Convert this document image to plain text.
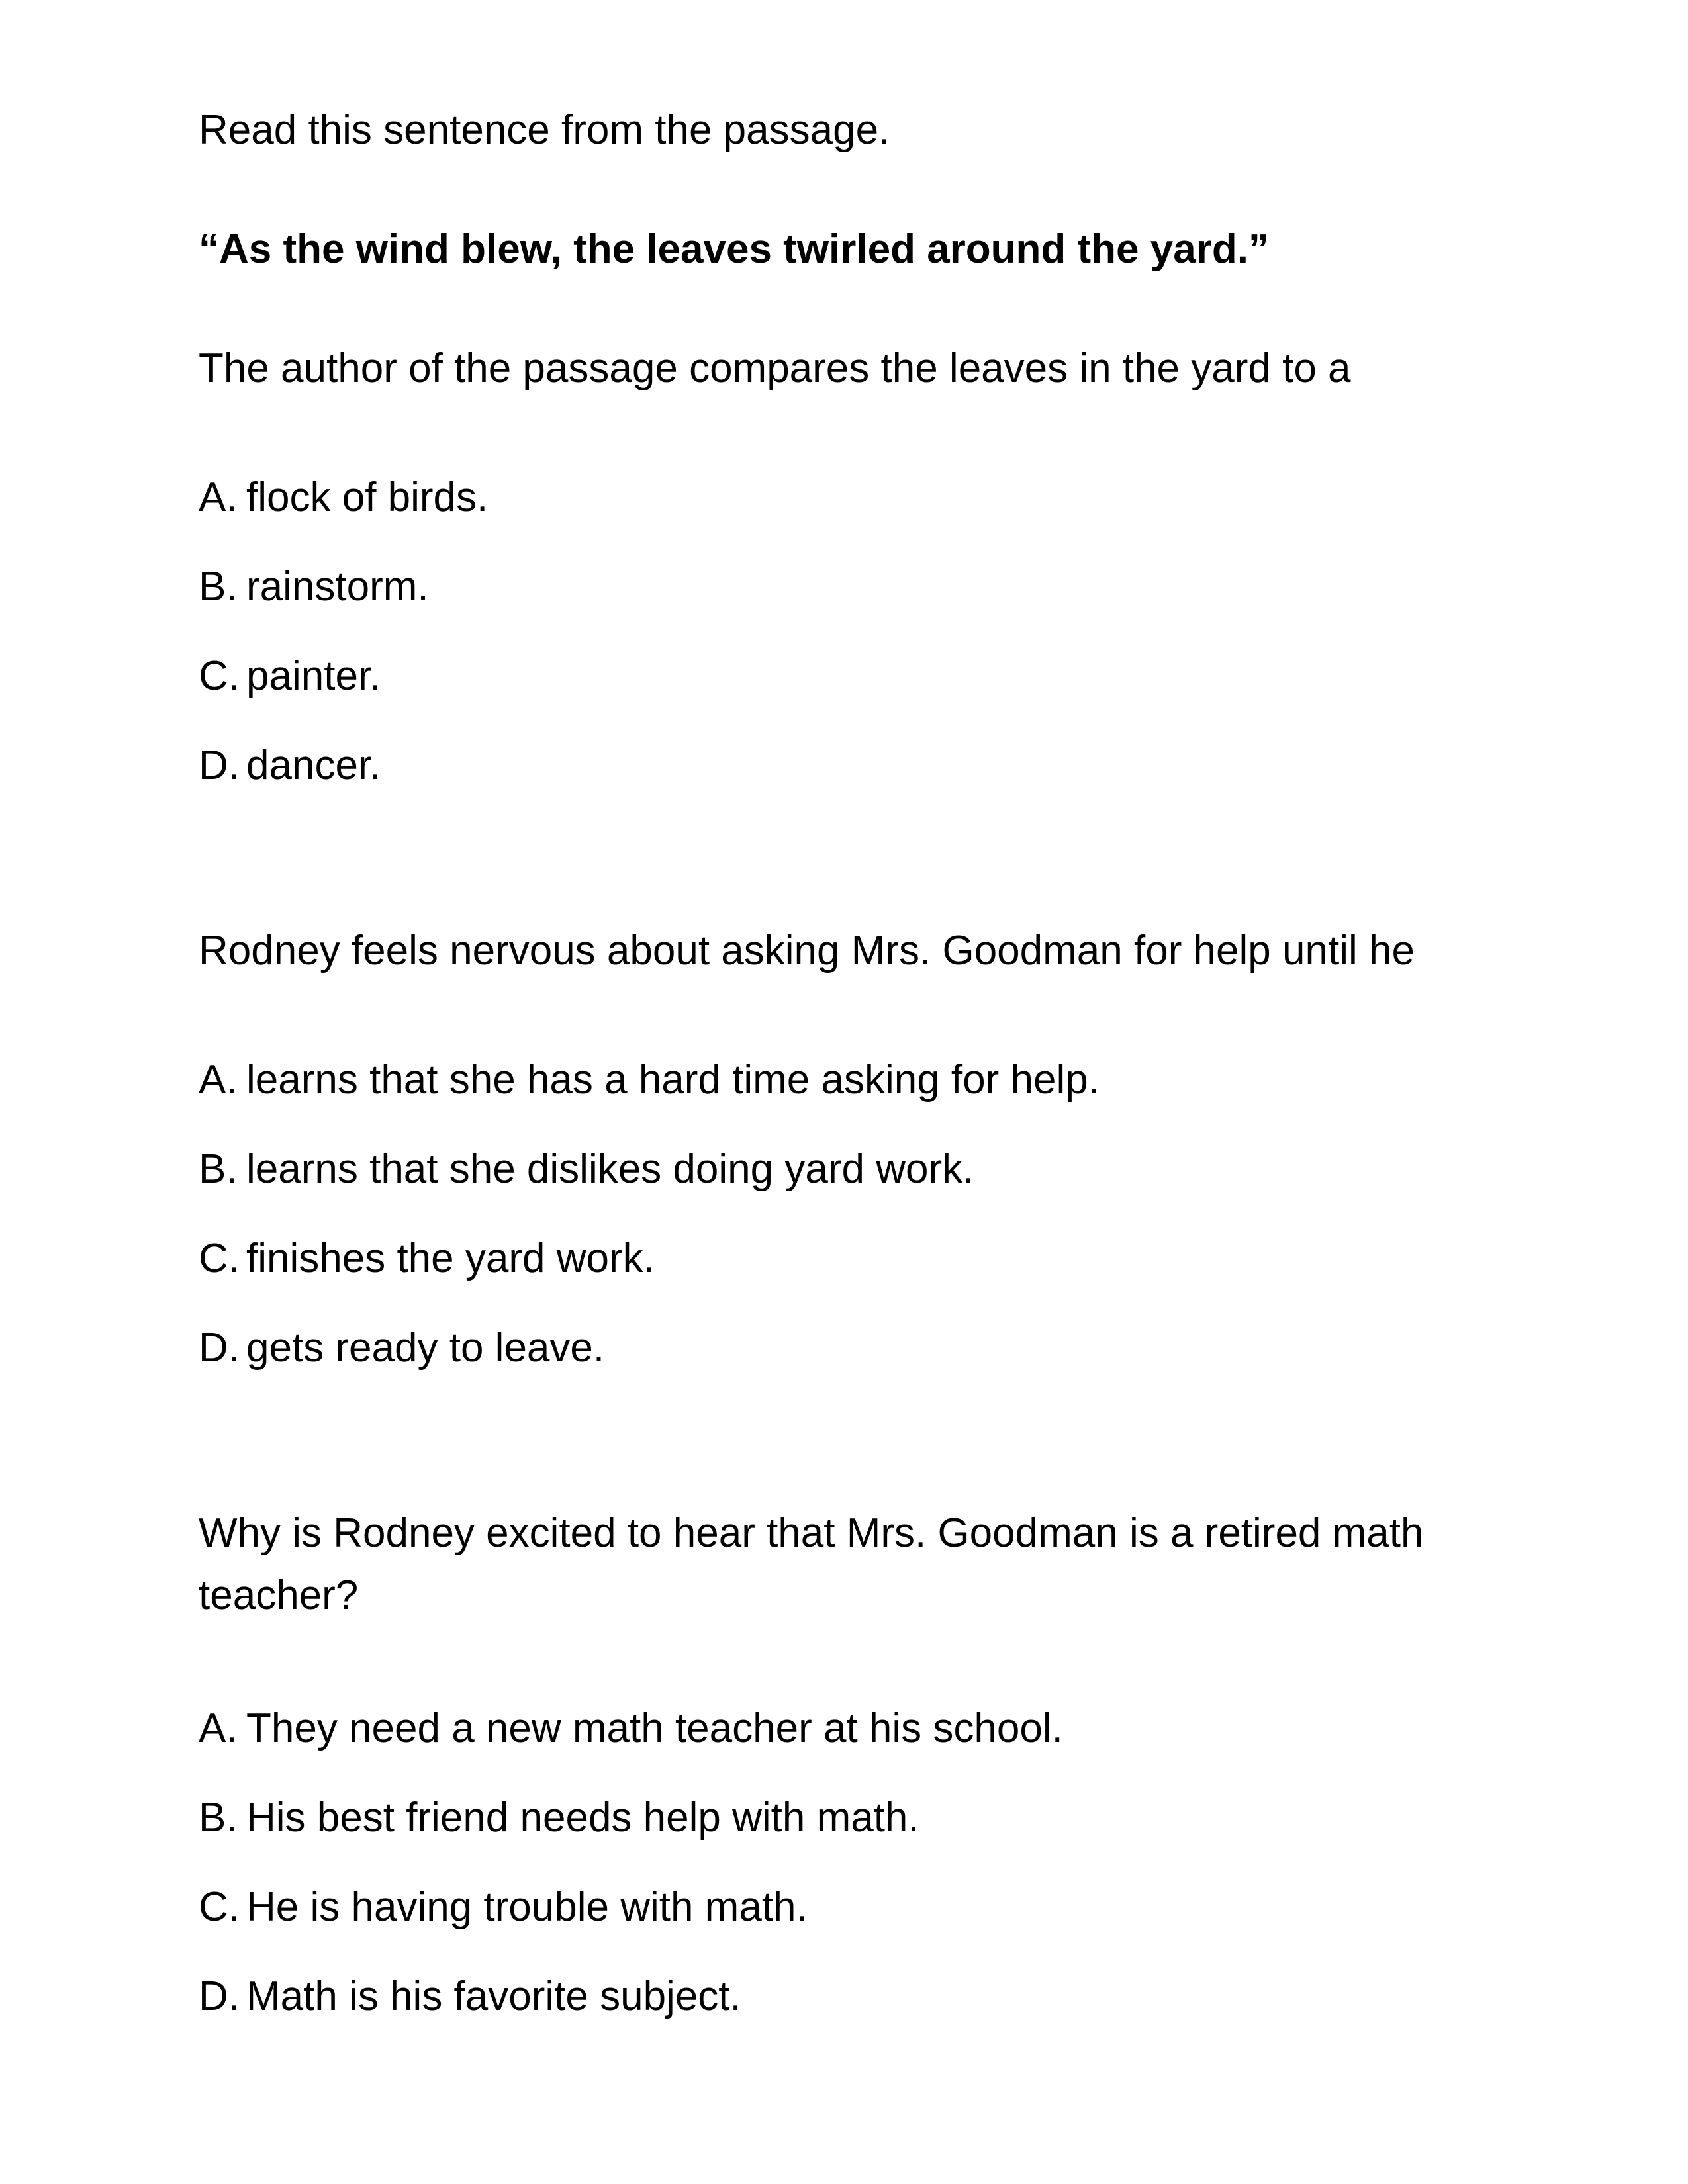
Read this sentence from the passage.
“As the wind blew, the leaves twirled around the yard.”
The author of the passage compares the leaves in the yard to a
A. flock of birds.
B. rainstorm.
C. painter.
D. dancer.
Rodney feels nervous about asking Mrs. Goodman for help until he
A. learns that she has a hard time asking for help.
B. learns that she dislikes doing yard work.
C. finishes the yard work.
D. gets ready to leave.
Why is Rodney excited to hear that Mrs. Goodman is a retired math teacher?
A. They need a new math teacher at his school.
B. His best friend needs help with math.
C. He is having trouble with math.
D. Math is his favorite subject.
